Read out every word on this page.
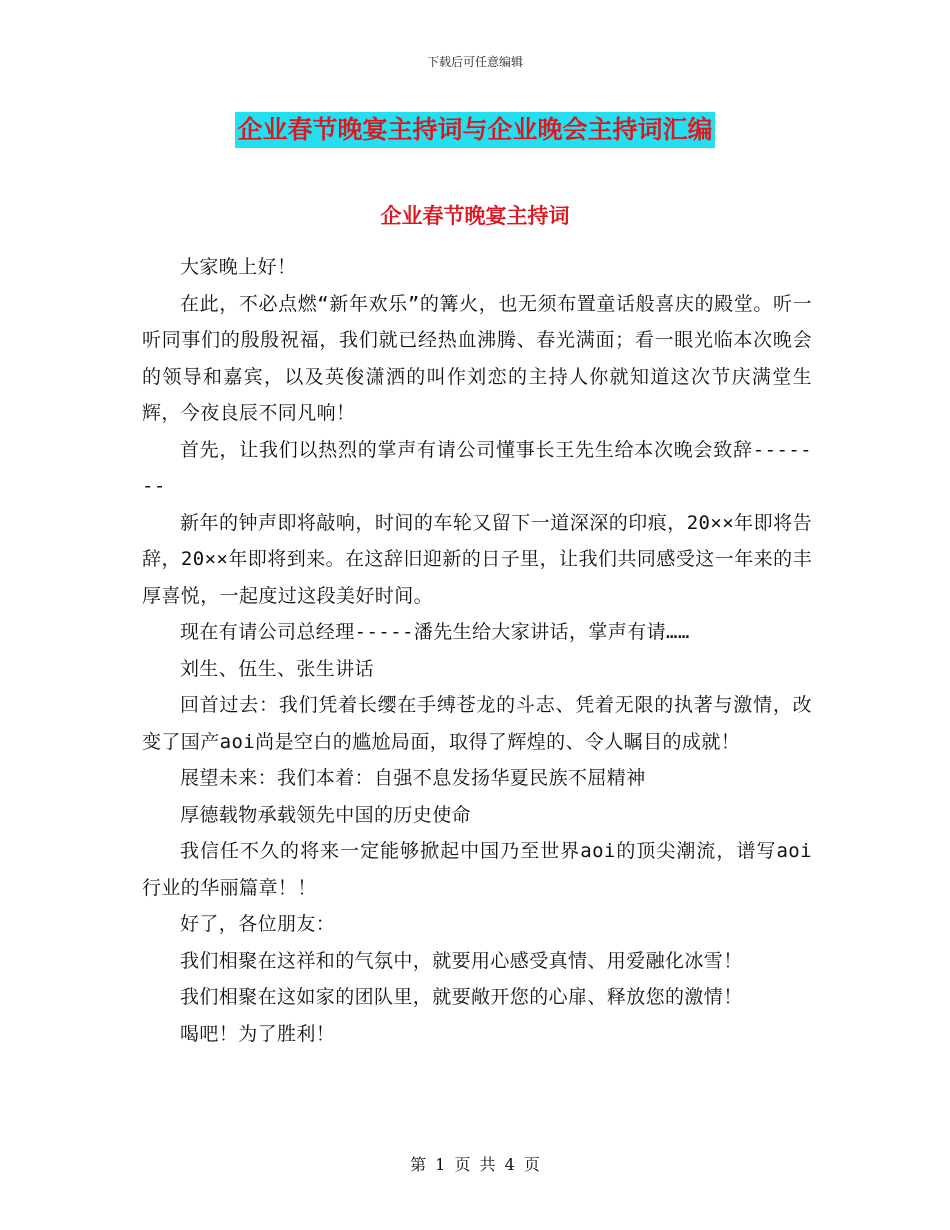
下载后可任意编辑
企业春节晚宴主持词与企业晚会主持词汇编
企业春节晚宴主持词

大家晚上好！

在此，不必点燃“新年欢乐”的篝火，也无须布置童话般喜庆的殿堂。听一听同事们的殷殷祝福，我们就已经热血沸腾、春光满面；看一眼光临本次晚会的领导和嘉宾，以及英俊潇洒的叫作刘恋的主持人你就知道这次节庆满堂生辉，今夜良辰不同凡响！

首先，让我们以热烈的掌声有请公司懂事长王先生给本次晚会致辞-------

新年的钟声即将敲响，时间的车轮又留下一道深深的印痕，20××年即将告辞，20××年即将到来。在这辞旧迎新的日子里，让我们共同感受这一年来的丰厚喜悦，一起度过这段美好时间。

现在有请公司总经理-----潘先生给大家讲话，掌声有请……

刘生、伍生、张生讲话

回首过去：我们凭着长缨在手缚苍龙的斗志、凭着无限的执著与激情，改变了国产aoi尚是空白的尴尬局面，取得了辉煌的、令人瞩目的成就！

展望未来：我们本着：自强不息发扬华夏民族不屈精神

厚德载物承载领先中国的历史使命

我信任不久的将来一定能够掀起中国乃至世界aoi的顶尖潮流，谱写aoi行业的华丽篇章！！

好了，各位朋友：

我们相聚在这祥和的气氛中，就要用心感受真情、用爱融化冰雪！

我们相聚在这如家的团队里，就要敞开您的心扉、释放您的激情！

喝吧！为了胜利！

第 1 页 共 4 页
